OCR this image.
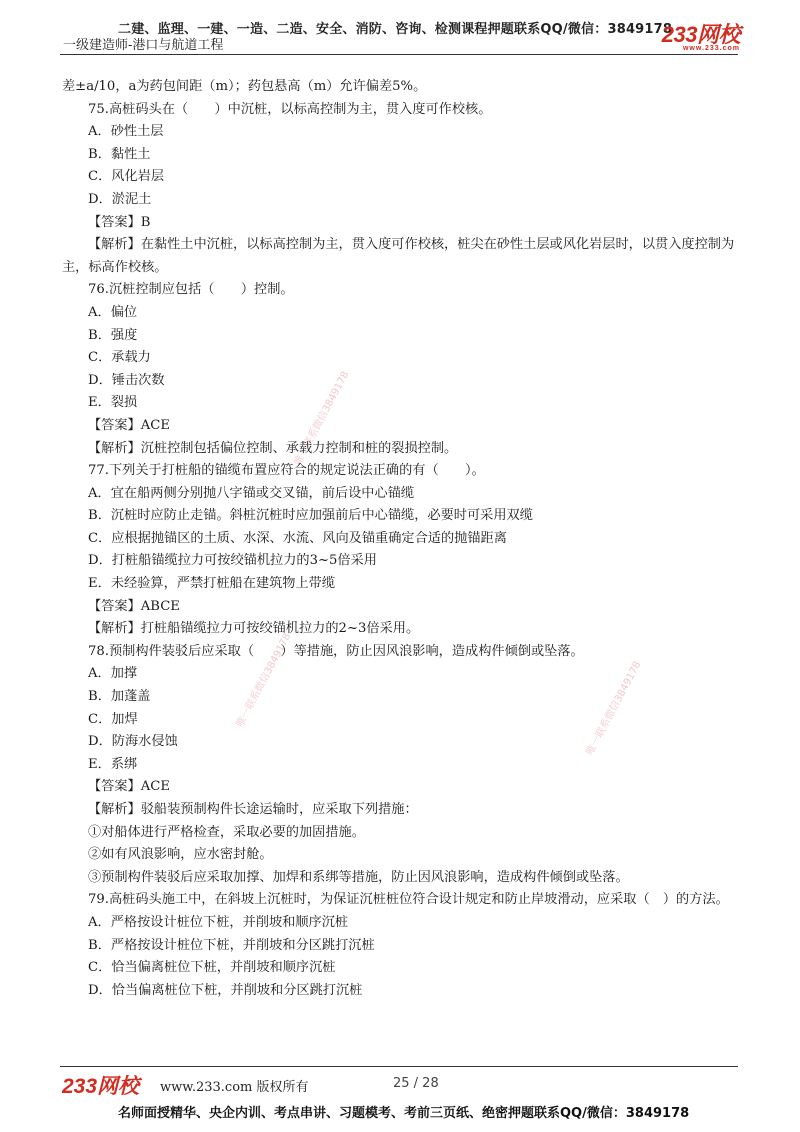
二建、监理、一建、一造、二造、安全、消防、咨询、检测课程押题联系QQ/微信：3849178
一级建造师-港口与航道工程	233网校
www.233.com
唯一联系微信3849178
唯一联系微信3849178	唯一联系微信3849178

差±a/10，a为药包间距（m）；药包悬高（m）允许偏差5%。

75.高桩码头在（　　）中沉桩，以标高控制为主，贯入度可作校核。

A．砂性土层

B．黏性土

C．风化岩层

D．淤泥土

【答案】B

【解析】在黏性土中沉桩，以标高控制为主，贯入度可作校核，桩尖在砂性土层或风化岩层时，以贯入度控制为主，标高作校核。

76.沉桩控制应包括（　　）控制。

A．偏位

B．强度

C．承载力

D．锤击次数

E．裂损

【答案】ACE

【解析】沉桩控制包括偏位控制、承载力控制和桩的裂损控制。

77.下列关于打桩船的锚缆布置应符合的规定说法正确的有（　　）。

A．宜在船两侧分别抛八字锚或交叉锚，前后设中心锚缆

B．沉桩时应防止走锚。斜桩沉桩时应加强前后中心锚缆，必要时可采用双缆

C．应根据抛锚区的土质、水深、水流、风向及锚重确定合适的抛锚距离

D．打桩船锚缆拉力可按绞锚机拉力的3~5倍采用

E．未经验算，严禁打桩船在建筑物上带缆

【答案】ABCE

【解析】打桩船锚缆拉力可按绞锚机拉力的2~3倍采用。

78.预制构件装驳后应采取（　　）等措施，防止因风浪影响，造成构件倾倒或坠落。

A．加撑

B．加蓬盖

C．加焊

D．防海水侵蚀

E．系绑

【答案】ACE

【解析】驳船装预制构件长途运输时，应采取下列措施：

①对船体进行严格检查，采取必要的加固措施。

②如有风浪影响，应水密封舱。

③预制构件装驳后应采取加撑、加焊和系绑等措施，防止因风浪影响，造成构件倾倒或坠落。

79.高桩码头施工中，在斜坡上沉桩时，为保证沉桩桩位符合设计规定和防止岸坡滑动，应采取（　）的方法。

A．严格按设计桩位下桩，并削坡和顺序沉桩

B．严格按设计桩位下桩，并削坡和分区跳打沉桩

C．恰当偏离桩位下桩，并削坡和顺序沉桩

D．恰当偏离桩位下桩，并削坡和分区跳打沉桩

233网校 www.233.com 版权所有	25 / 28
名师面授精华、央企内训、考点串讲、习题模考、考前三页纸、绝密押题联系QQ/微信：3849178
